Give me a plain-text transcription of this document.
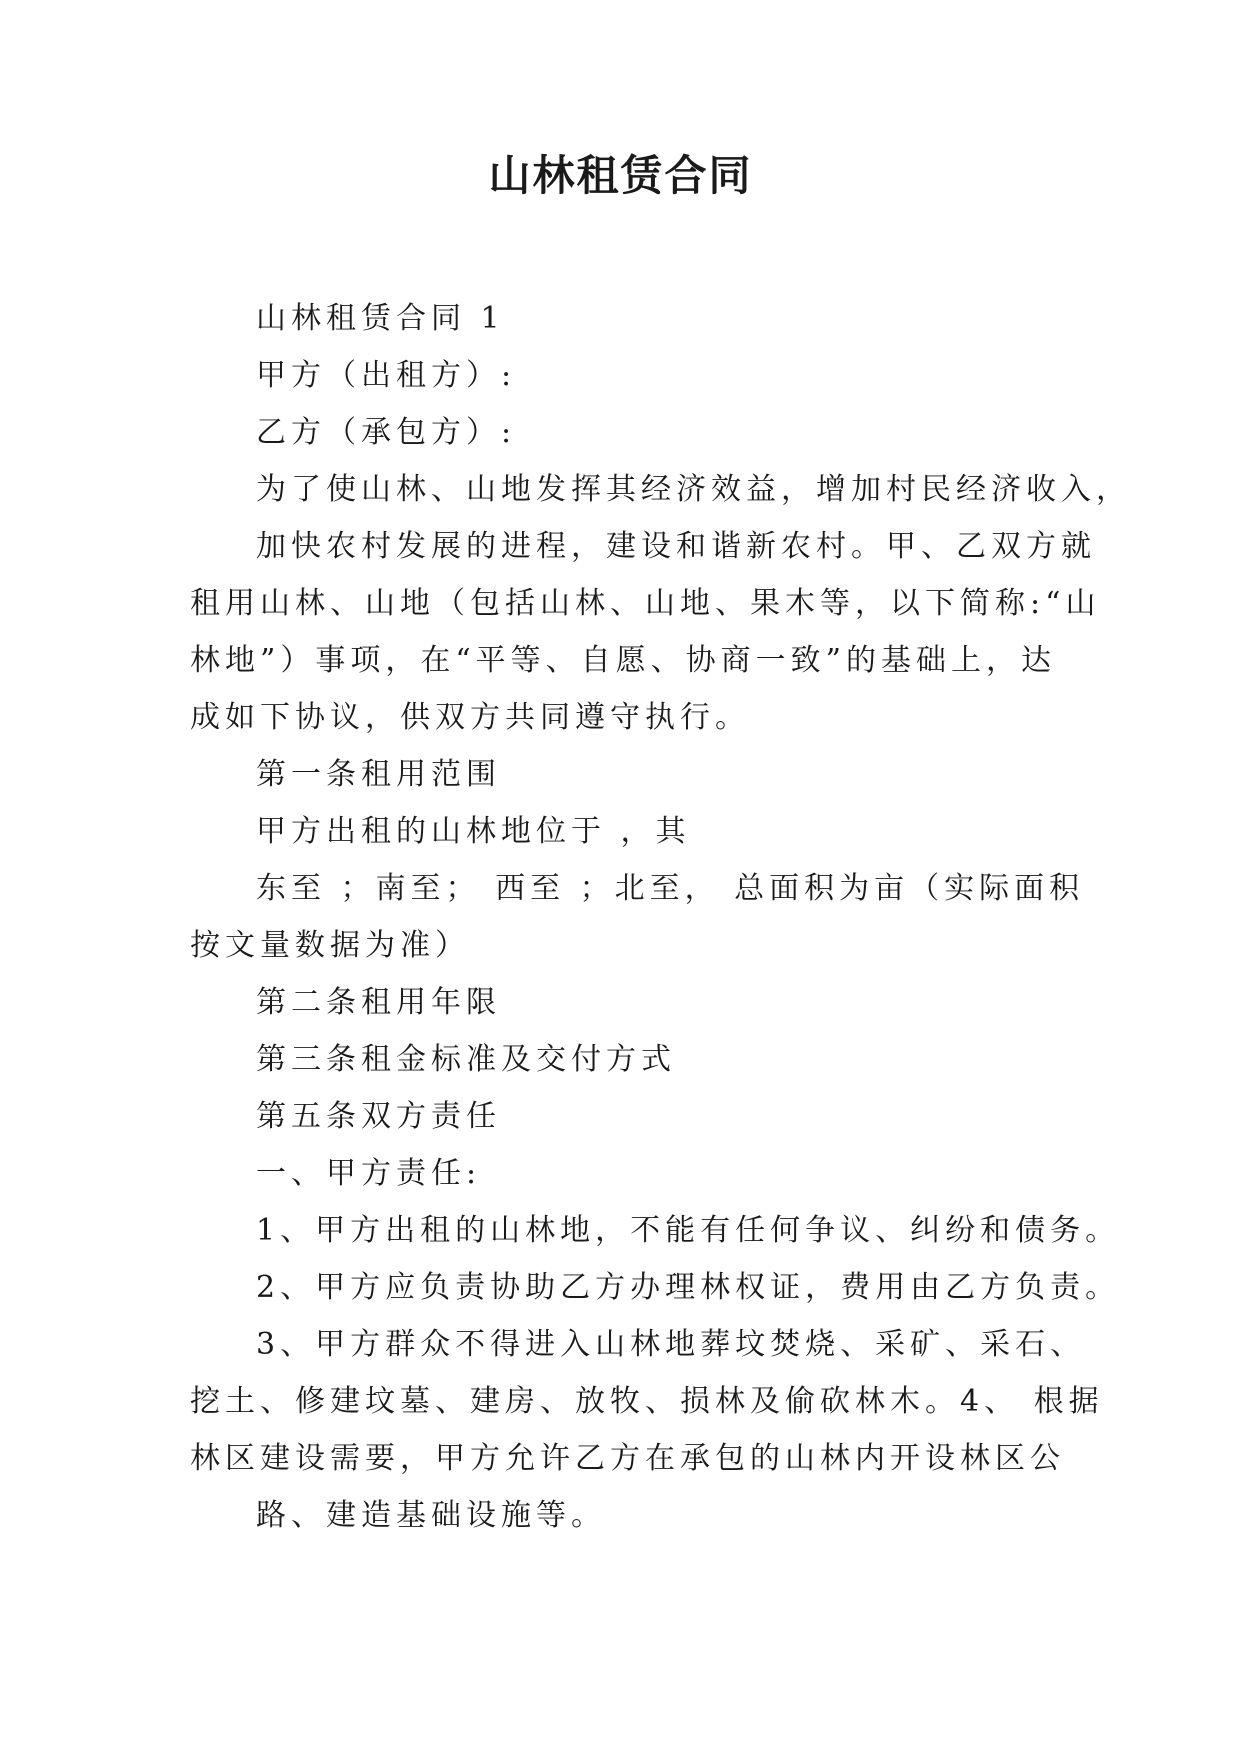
山林租赁合同
山林租赁合同 1
甲方（出租方）:
乙方（承包方）:
为了使山林、山地发挥其经济效益，增加村民经济收入，
加快农村发展的进程，建设和谐新农村。甲、乙双方就
租用山林、山地（包括山林、山地、果木等，以下简称:“山
林地”）事项，在“平等、自愿、协商一致”的基础上，达
成如下协议，供双方共同遵守执行。
第一条租用范围
甲方出租的山林地位于 ，其
东至 ；南至； 西至 ；北至， 总面积为亩（实际面积
按文量数据为准）
第二条租用年限
第三条租金标准及交付方式
第五条双方责任
一、甲方责任:
1、甲方出租的山林地，不能有任何争议、纠纷和债务。
2、甲方应负责协助乙方办理林权证，费用由乙方负责。
3、甲方群众不得进入山林地葬坟焚烧、采矿、采石、
挖土、修建坟墓、建房、放牧、损林及偷砍林木。4、 根据
林区建设需要，甲方允许乙方在承包的山林内开设林区公
路、建造基础设施等。
